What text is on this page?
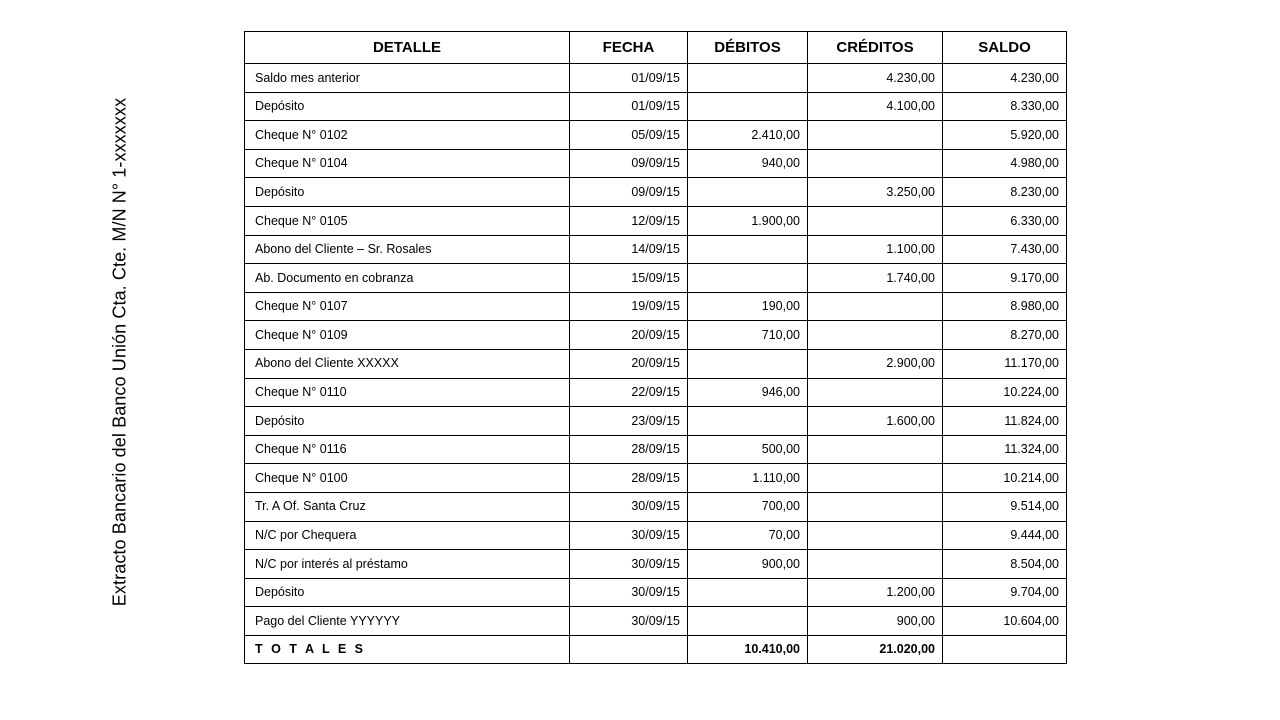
Extracto Bancario del Banco Unión Cta. Cte. M/N N° 1-xxxxxxx
DETALLE	FECHA	DÉBITOS	CRÉDITOS	SALDO
Saldo mes anterior	01/09/15		4.230,00	4.230,00
Depósito	01/09/15		4.100,00	8.330,00
Cheque N° 0102	05/09/15	2.410,00		5.920,00
Cheque N° 0104	09/09/15	940,00		4.980,00
Depósito	09/09/15		3.250,00	8.230,00
Cheque N° 0105	12/09/15	1.900,00		6.330,00
Abono del Cliente – Sr. Rosales	14/09/15		1.100,00	7.430,00
Ab. Documento en cobranza	15/09/15		1.740,00	9.170,00
Cheque N° 0107	19/09/15	190,00		8.980,00
Cheque N° 0109	20/09/15	710,00		8.270,00
Abono del Cliente XXXXX	20/09/15		2.900,00	11.170,00
Cheque N° 0110	22/09/15	946,00		10.224,00
Depósito	23/09/15		1.600,00	11.824,00
Cheque N° 0116	28/09/15	500,00		11.324,00
Cheque N° 0100	28/09/15	1.110,00		10.214,00
Tr. A Of. Santa Cruz	30/09/15	700,00		9.514,00
N/C por Chequera	30/09/15	70,00		9.444,00
N/C por interés al préstamo	30/09/15	900,00		8.504,00
Depósito	30/09/15		1.200,00	9.704,00
Pago del Cliente YYYYYY	30/09/15		900,00	10.604,00
T O T A L E S		10.410,00	21.020,00	
